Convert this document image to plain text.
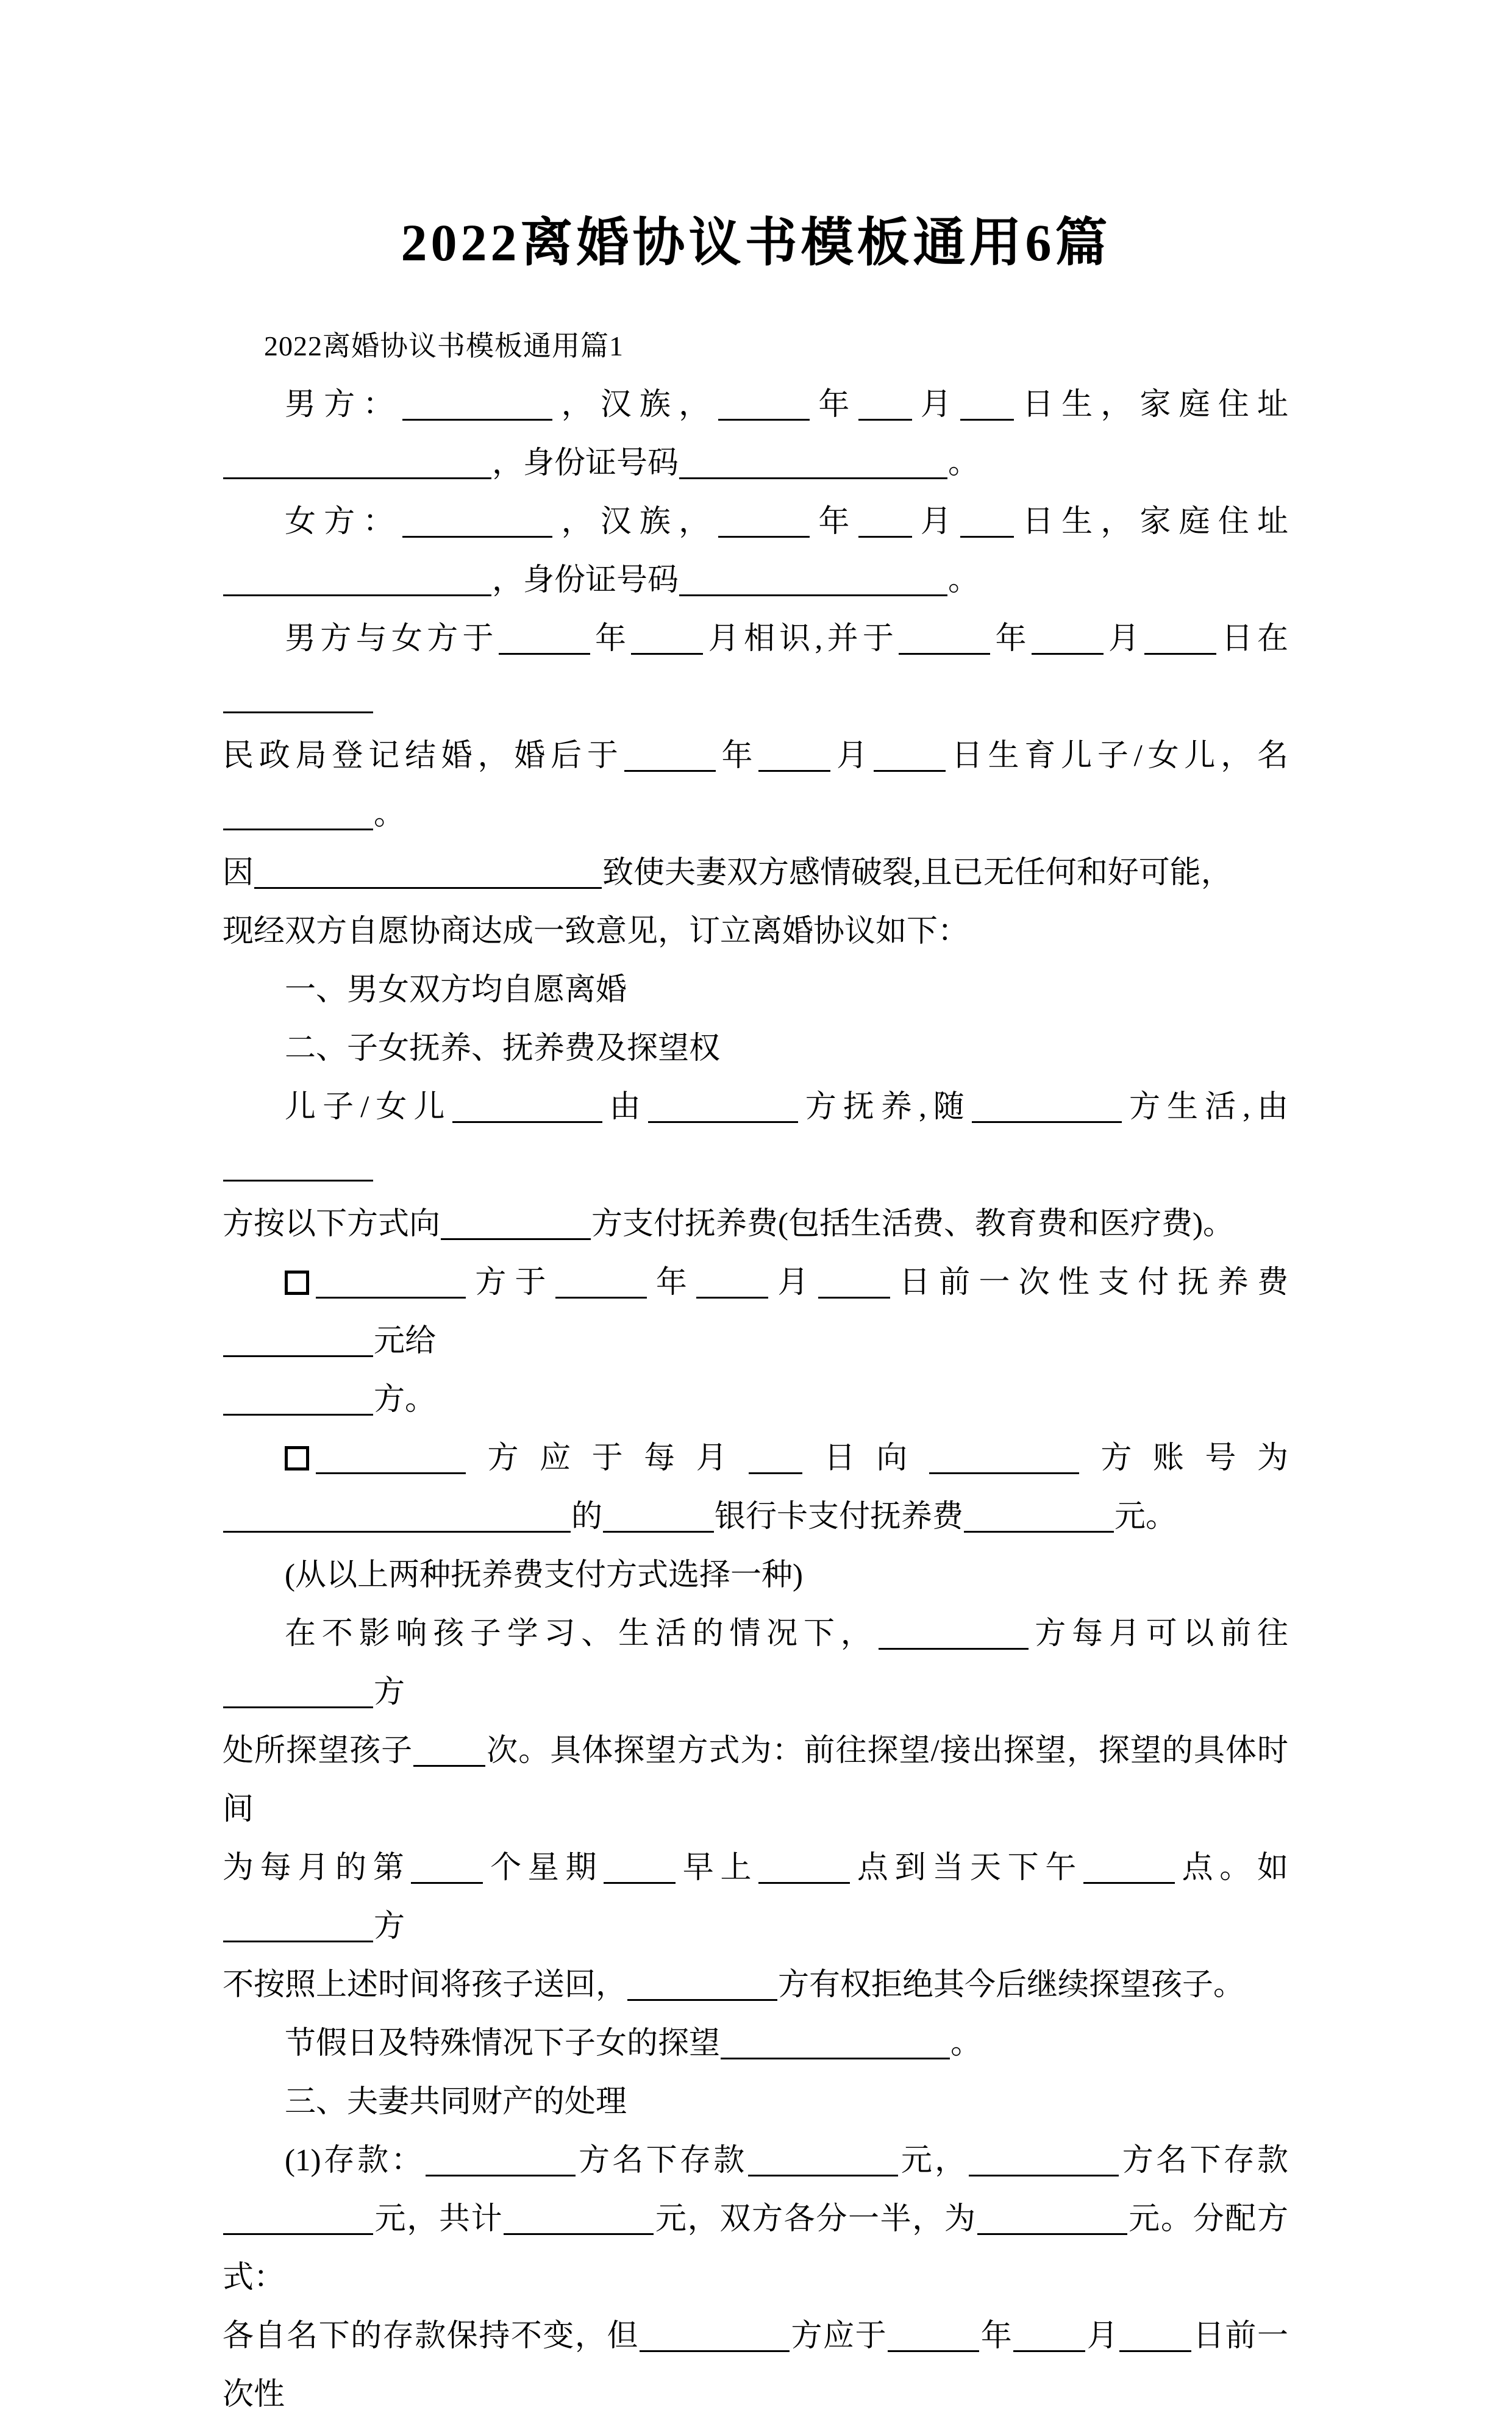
2022离婚协议书模板通用6篇
2022离婚协议书模板通用篇1

男方：	，汉族，	年 月 日生，家庭住址

，身份证号码	。

女方：	，汉族，	年 月 日生，家庭住址

，身份证号码	。

男方与女方于	年 月相识,并于	年 月 日在

民政局登记结婚，婚后于	年 月 日生育儿子/女儿，名。

因	致使夫妻双方感情破裂,且已无任何和好可能，

现经双方自愿协商达成一致意见，订立离婚协议如下：

一、男女双方均自愿离婚

二、子女抚养、抚养费及探望权

儿子/女儿	由	方抚养,随	方生活,由

方按以下方式向	方支付抚养费(包括生活费、教育费和医疗费)。

方于	年 月 日前一次性支付抚养费元给

方。

方应于每月 日向	方账号为

的	银行卡支付抚养费	元。

(从以上两种抚养费支付方式选择一种)

在不影响孩子学习、生活的情况下，	方每月可以前往方

处所探望孩子 次。具体探望方式为：前往探望/接出探望，探望的具体时间

为每月的第 个星期 早上	点到当天下午	点。如方

不按照上述时间将孩子送回，	方有权拒绝其今后继续探望孩子。

节假日及特殊情况下子女的探望	。

三、夫妻共同财产的处理

(1)存款：	方名下存款	元，	方名下存款

元，共计	元，双方各分一半，为	元。分配方式：

各自名下的存款保持不变，但	方应于	年 月 日前一次性
